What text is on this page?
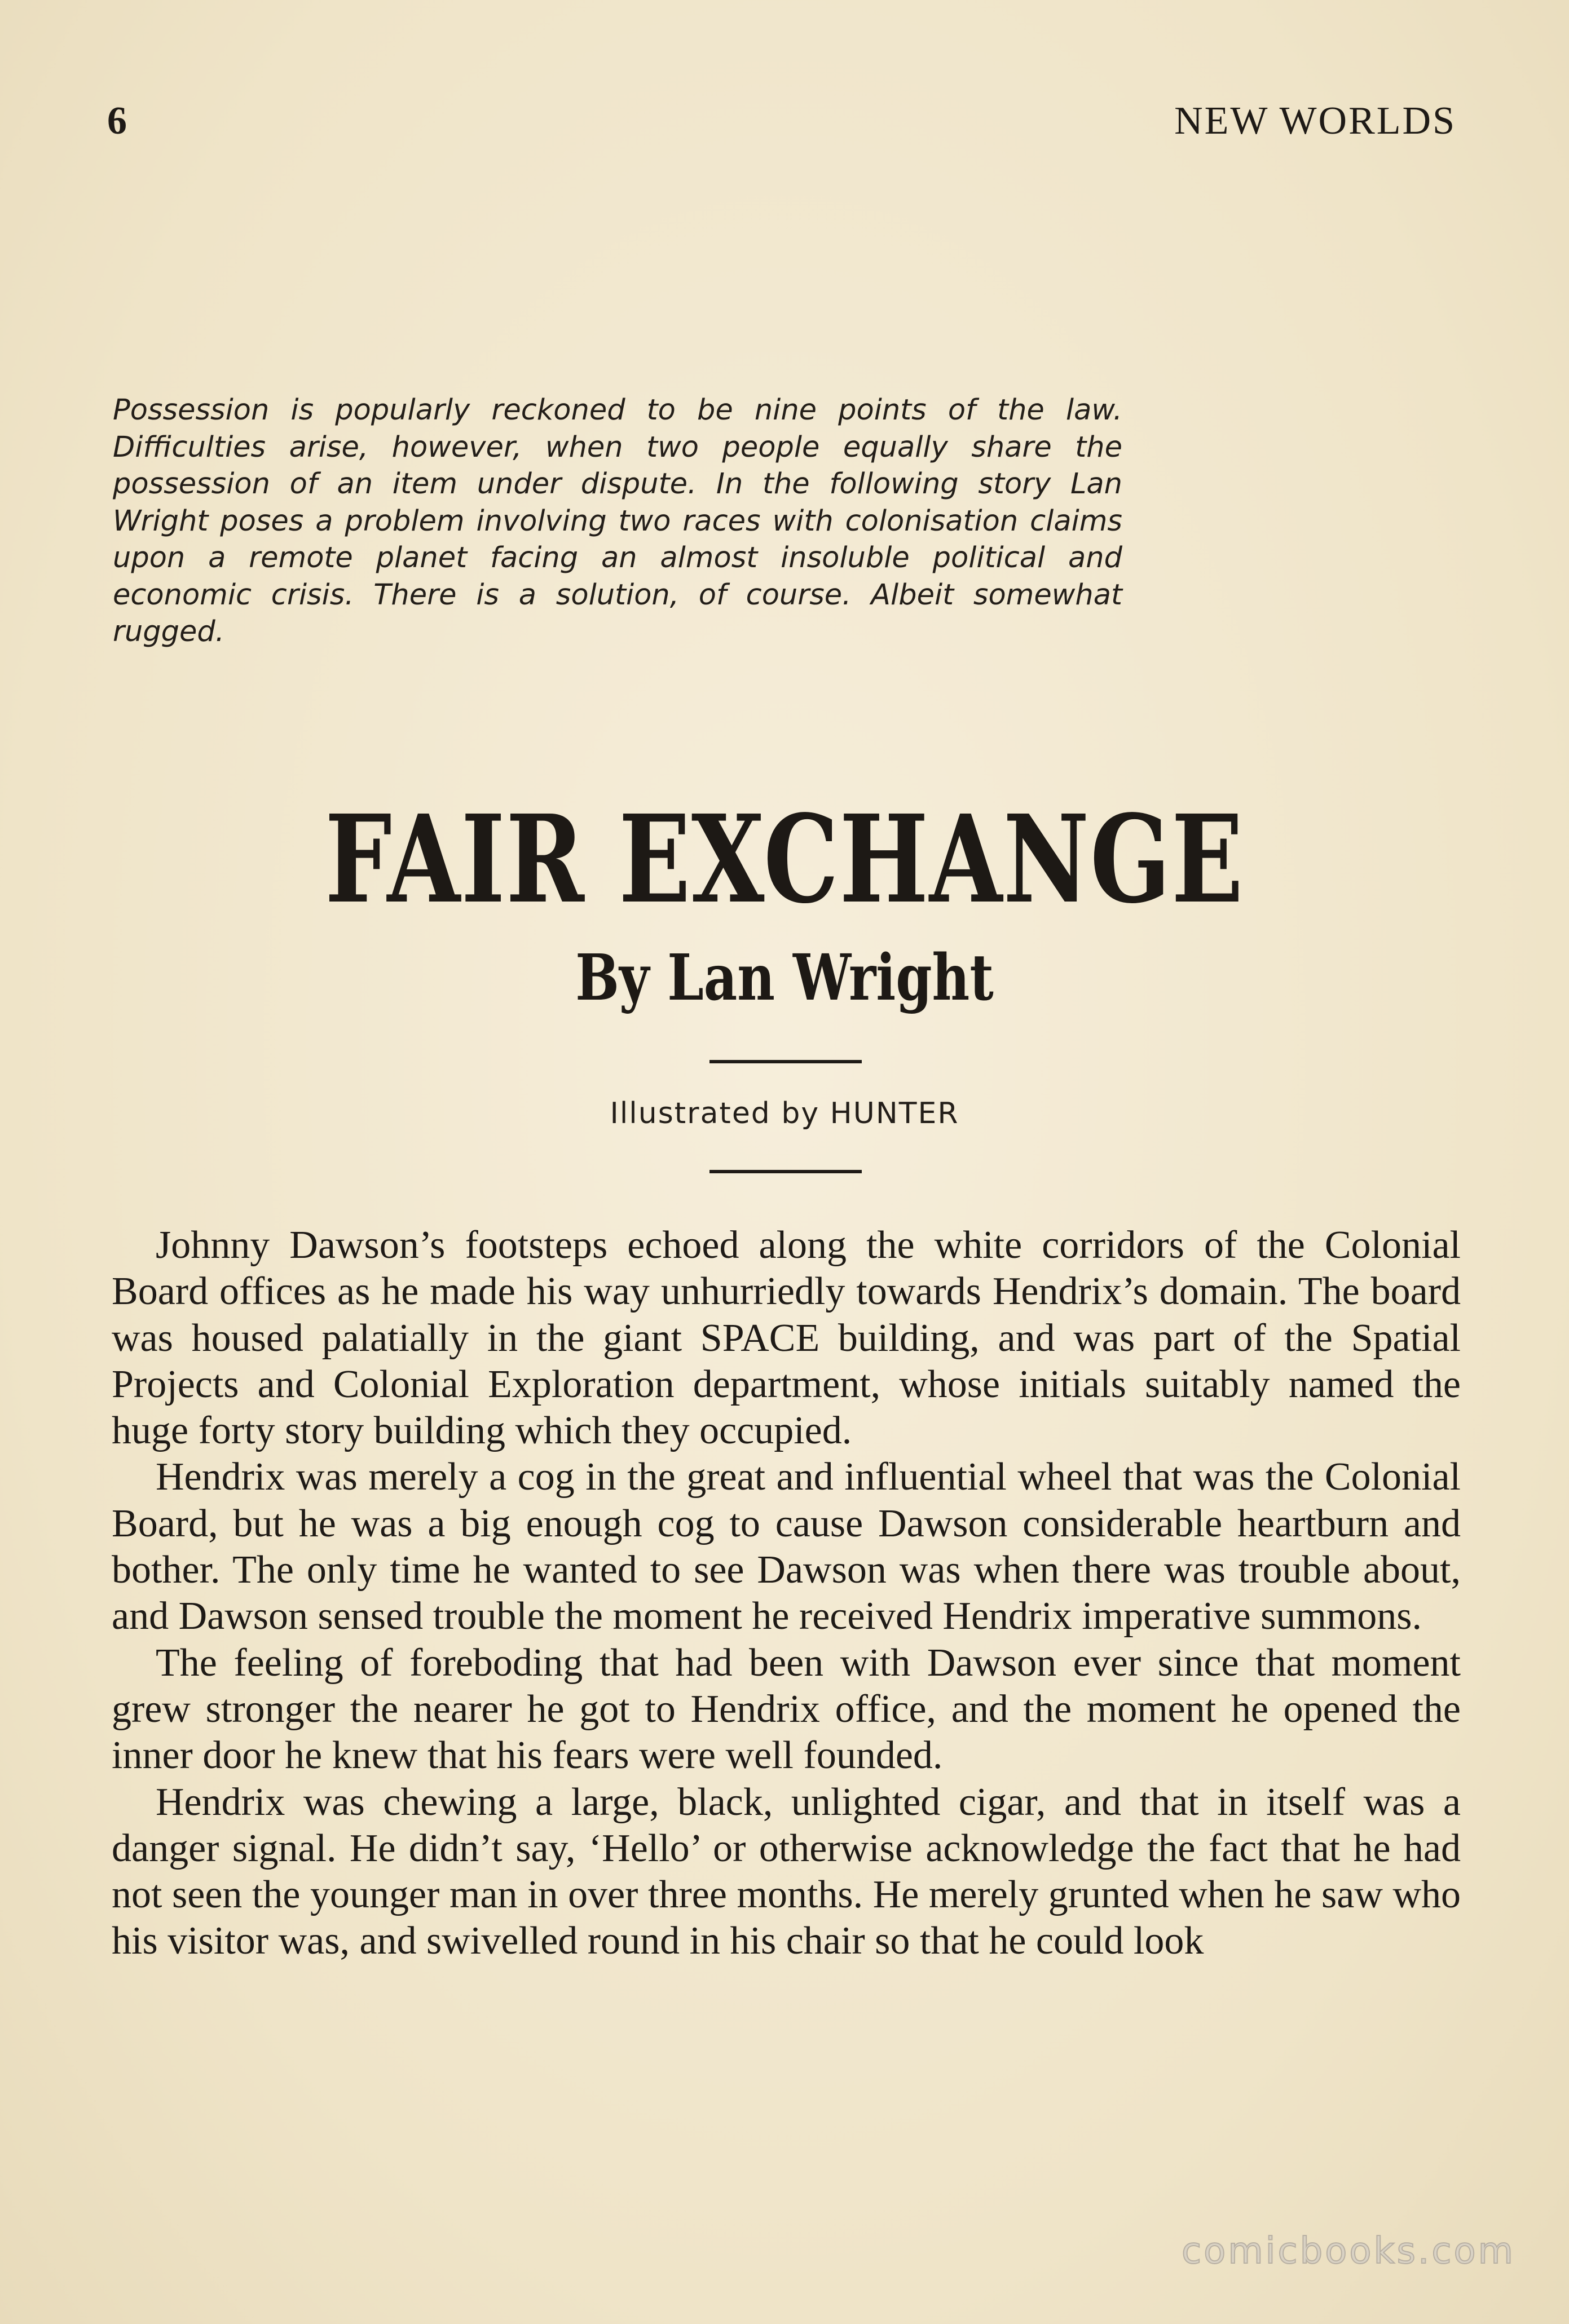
6	NEW WORLDS
Possession is popularly reckoned to be nine points of the law. Difficulties arise, however, when two people equally share the possession of an item under dispute. In the following story Lan Wright poses a problem involving two races with colonisation claims upon a remote planet facing an almost insoluble political and economic crisis. There is a solution, of course. Albeit somewhat rugged.
FAIR EXCHANGE
By Lan Wright
Illustrated by HUNTER

Johnny Dawson’s footsteps echoed along the white corridors of the Colonial Board offices as he made his way unhurriedly towards Hendrix’s domain. The board was housed palatially in the giant SPACE building, and was part of the Spatial Projects and Colonial Exploration department, whose initials suitably named the huge forty story building which they occupied.

Hendrix was merely a cog in the great and influential wheel that was the Colonial Board, but he was a big enough cog to cause Dawson considerable heartburn and bother. The only time he wanted to see Dawson was when there was trouble about, and Dawson sensed trouble the moment he received Hendrix imperative summons.

The feeling of foreboding that had been with Dawson ever since that moment grew stronger the nearer he got to Hendrix office, and the moment he opened the inner door he knew that his fears were well founded.

Hendrix was chewing a large, black, unlighted cigar, and that in itself was a danger signal. He didn’t say, ‘Hello’ or otherwise acknowledge the fact that he had not seen the younger man in over three months. He merely grunted when he saw who his visitor was, and swivelled round in his chair so that he could look

comicbooks.com
